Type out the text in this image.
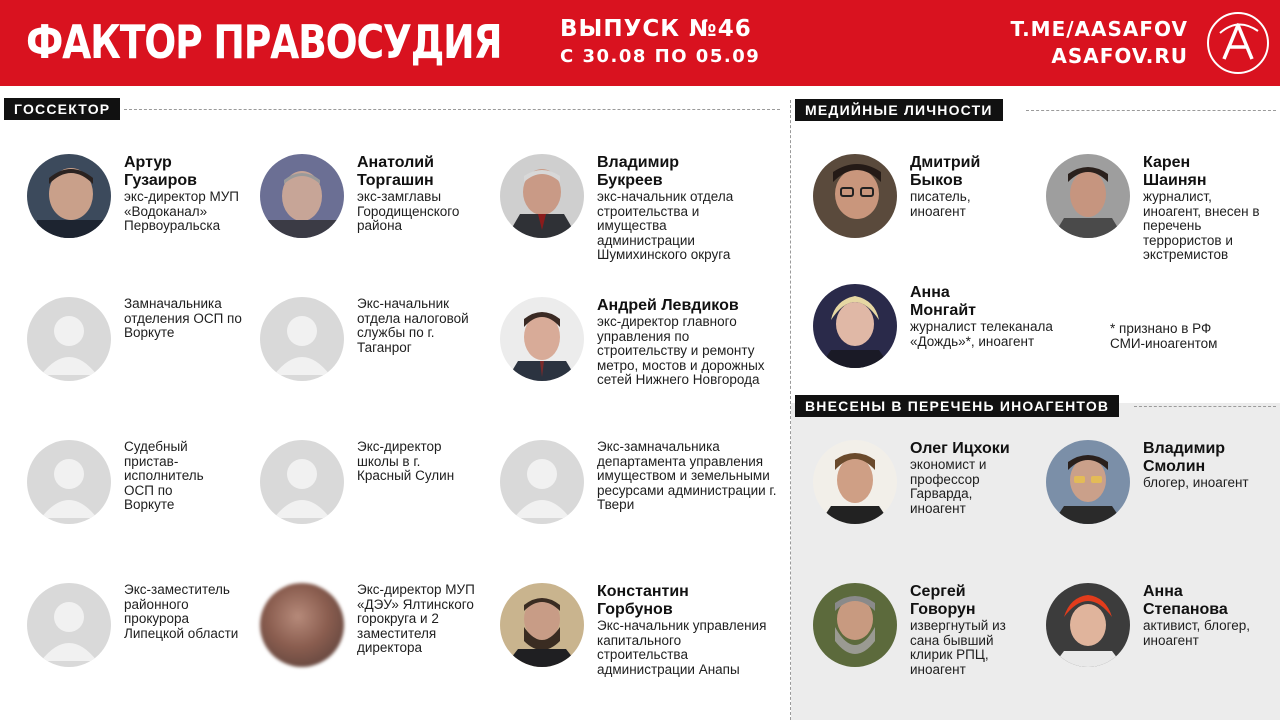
ФАКТОР ПРАВОСУДИЯ	ВЫПУСК №46
С 30.08 ПО 05.09
T.ME/AASAFOV
ASAFOV.RU
ГОССЕКТОР	МЕДИЙНЫЕ ЛИЧНОСТИ
ВНЕСЕНЫ В ПЕРЕЧЕНЬ ИНОАГЕНТОВ
Артур Гузаиров
экс-директор МУП «Водоканал» Первоуральска
Анатолий Торгашин
экс-замглавы Городищенского района
Владимир Букреев
экс-начальник отдела строительства и имущества администрации Шумихинского округа
Замначальника отделения ОСП по Воркуте
Экс-начальник отдела налоговой службы по г. Таганрог
Андрей Левдиков
экс-директор главного управления по строительству и ремонту метро, мостов и дорожных сетей Нижнего Новгорода
Судебный пристав-исполнитель ОСП по Воркуте
Экс-директор школы в г. Красный Сулин
Экс-замначальника департамента управления имуществом и земельными ресурсами администрации г. Твери
Экс-заместитель районного прокурора Липецкой области
Экс-директор МУП «ДЭУ» Ялтинского горокруга и 2 заместителя директора
Константин Горбунов
Экс-начальник управления капитального строительства администрации Анапы
Дмитрий Быков
писатель, иноагент
Карен Шаинян
журналист, иноагент, внесен в перечень террористов и экстремистов
Анна Монгайт
журналист телеканала «Дождь»*, иноагент
* признано в РФ СМИ-иноагентом
Олег Ицхоки
экономист и профессор Гарварда, иноагент
Владимир Смолин
блогер, иноагент
Сергей Говорун
извергнутый из сана бывший клирик РПЦ, иноагент
Анна Степанова
активист, блогер, иноагент
